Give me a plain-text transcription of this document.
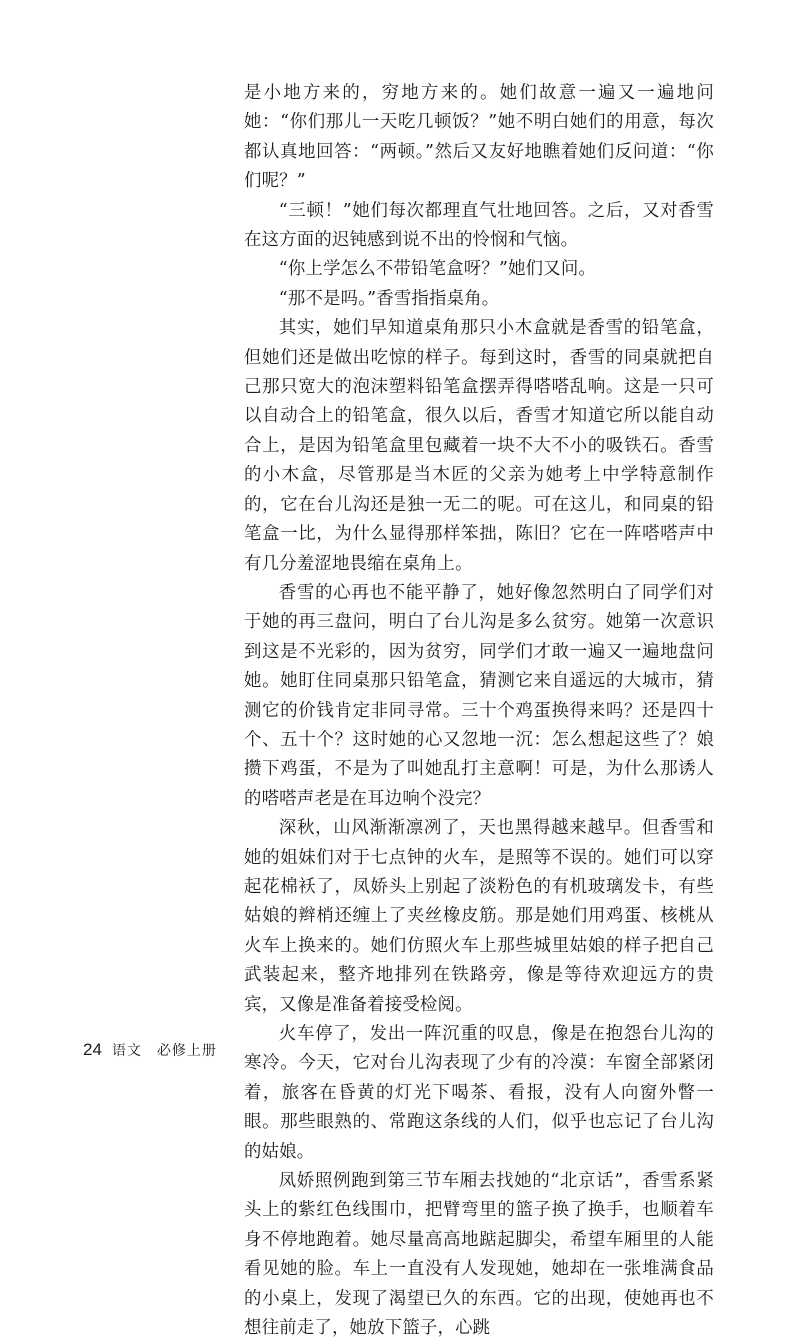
是小地方来的，穷地方来的。她们故意一遍又一遍地问她：“你们那儿一天吃几顿饭？”她不明白她们的用意，每次都认真地回答：“两顿。”然后又友好地瞧着她们反问道：“你们呢？”

“三顿！”她们每次都理直气壮地回答。之后，又对香雪在这方面的迟钝感到说不出的怜悯和气恼。

“你上学怎么不带铅笔盒呀？”她们又问。

“那不是吗。”香雪指指桌角。

其实，她们早知道桌角那只小木盒就是香雪的铅笔盒，但她们还是做出吃惊的样子。每到这时，香雪的同桌就把自己那只宽大的泡沫塑料铅笔盒摆弄得嗒嗒乱响。这是一只可以自动合上的铅笔盒，很久以后，香雪才知道它所以能自动合上，是因为铅笔盒里包藏着一块不大不小的吸铁石。香雪的小木盒，尽管那是当木匠的父亲为她考上中学特意制作的，它在台儿沟还是独一无二的呢。可在这儿，和同桌的铅笔盒一比，为什么显得那样笨拙，陈旧？它在一阵嗒嗒声中有几分羞涩地畏缩在桌角上。

香雪的心再也不能平静了，她好像忽然明白了同学们对于她的再三盘问，明白了台儿沟是多么贫穷。她第一次意识到这是不光彩的，因为贫穷，同学们才敢一遍又一遍地盘问她。她盯住同桌那只铅笔盒，猜测它来自遥远的大城市，猜测它的价钱肯定非同寻常。三十个鸡蛋换得来吗？还是四十个、五十个？这时她的心又忽地一沉：怎么想起这些了？娘攒下鸡蛋，不是为了叫她乱打主意啊！可是，为什么那诱人的嗒嗒声老是在耳边响个没完？

深秋，山风渐渐凛冽了，天也黑得越来越早。但香雪和她的姐妹们对于七点钟的火车，是照等不误的。她们可以穿起花棉袄了，凤娇头上别起了淡粉色的有机玻璃发卡，有些姑娘的辫梢还缠上了夹丝橡皮筋。那是她们用鸡蛋、核桃从火车上换来的。她们仿照火车上那些城里姑娘的样子把自己武装起来，整齐地排列在铁路旁，像是等待欢迎远方的贵宾，又像是准备着接受检阅。

火车停了，发出一阵沉重的叹息，像是在抱怨台儿沟的寒冷。今天，它对台儿沟表现了少有的冷漠：车窗全部紧闭着，旅客在昏黄的灯光下喝茶、看报，没有人向窗外瞥一眼。那些眼熟的、常跑这条线的人们，似乎也忘记了台儿沟的姑娘。

凤娇照例跑到第三节车厢去找她的“北京话”，香雪系紧头上的紫红色线围巾，把臂弯里的篮子换了换手，也顺着车身不停地跑着。她尽量高高地踮起脚尖，希望车厢里的人能看见她的脸。车上一直没有人发现她，她却在一张堆满食品的小桌上，发现了渴望已久的东西。它的出现，使她再也不想往前走了，她放下篮子，心跳

24 语文　必修上册
